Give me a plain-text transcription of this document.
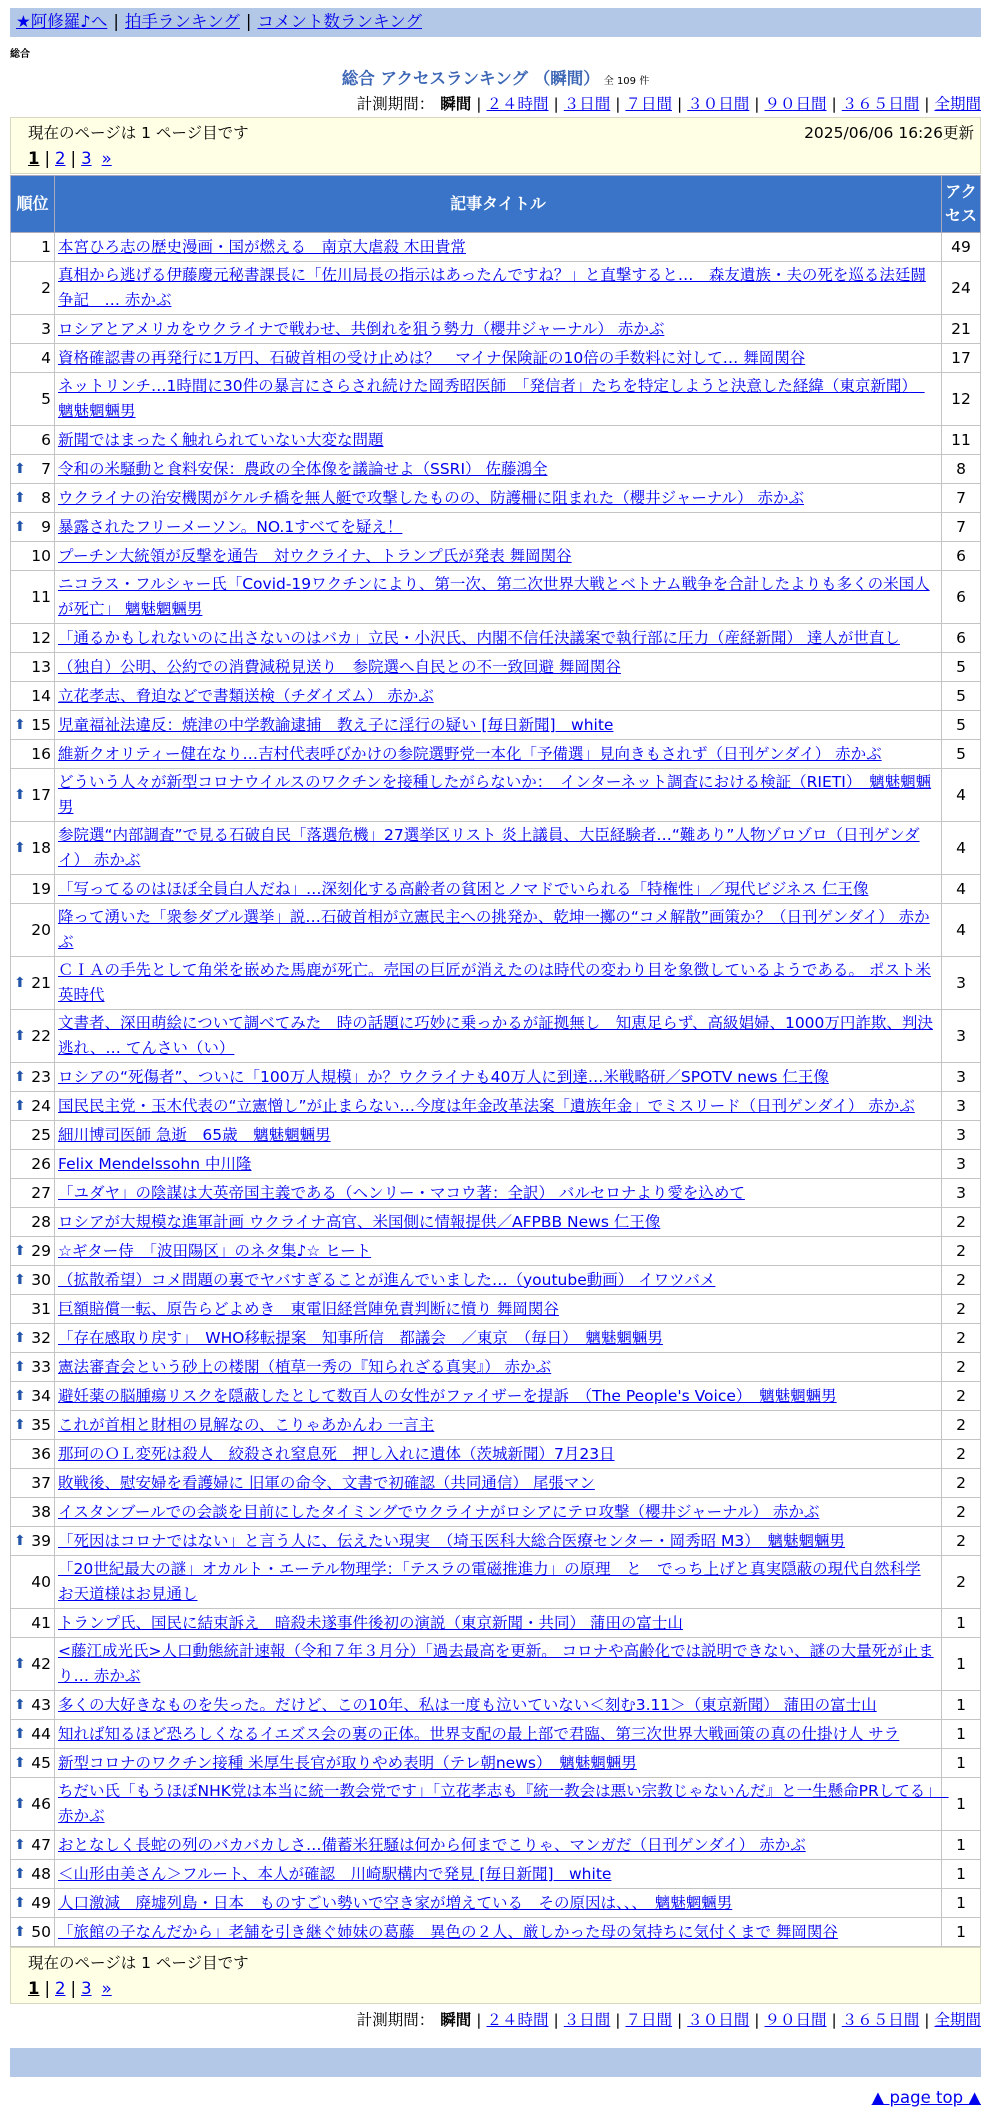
★阿修羅♪へ | 拍手ランキング | コメント数ランキング
総合
総合 アクセスランキング （瞬間） 全 109 件
計測期間： 瞬間 | ２４時間 | ３日間 | ７日間 | ３０日間 | ９０日間 | ３６５日間 | 全期間
現在のページは 1 ページ目です	2025/06/06 16:26更新
1 | 2 | 3 »
順位	記事タイトル	アクセス
1	本宮ひろ志の歴史漫画・国が燃える　南京大虐殺 木田貴常	49
2	真相から逃げる伊藤慶元秘書課長に「佐川局長の指示はあったんですね？」と直撃すると…　森友遺族・夫の死を巡る法廷闘争記　… 赤かぶ	24
3	ロシアとアメリカをウクライナで戦わせ、共倒れを狙う勢力（櫻井ジャーナル） 赤かぶ	21
4	資格確認書の再発行に1万円、石破首相の受け止めは？　マイナ保険証の10倍の手数料に対して… 舞岡関谷	17
5	ネットリンチ…1時間に30件の暴言にさらされ続けた岡秀昭医師　「発信者」たちを特定しようと決意した経緯（東京新聞）　魑魅魍魎男	12
6	新聞ではまったく触れられていない大変な問題	11

⬆ 7	令和の米騒動と食料安保：農政の全体像を議論せよ（SSRI） 佐藤鴻全	8

⬆ 8	ウクライナの治安機関がケルチ橋を無人艇で攻撃したものの、防護柵に阻まれた（櫻井ジャーナル） 赤かぶ	7

⬆ 9	暴露されたフリーメーソン。NO.1すべてを疑え！	7
10	プーチン大統領が反撃を通告　対ウクライナ、トランプ氏が発表 舞岡関谷	6
11	ニコラス・フルシャー氏「Covid-19ワクチンにより、第一次、第二次世界大戦とベトナム戦争を合計したよりも多くの米国人が死亡」 魑魅魍魎男	6
12	「通るかもしれないのに出さないのはバカ」立民・小沢氏、内閣不信任決議案で執行部に圧力（産経新聞） 達人が世直し	6
13	（独自）公明、公約での消費減税見送り　参院選へ自民との不一致回避 舞岡関谷	5
14	立花孝志、脅迫などで書類送検（チダイズム） 赤かぶ	5

⬆ 15	児童福祉法違反：焼津の中学教諭逮捕　教え子に淫行の疑い [毎日新聞]　white	5
16	維新クオリティー健在なり…吉村代表呼びかけの参院選野党一本化「予備選」見向きもされず（日刊ゲンダイ） 赤かぶ	5

⬆ 17	どういう人々が新型コロナウイルスのワクチンを接種したがらないか：　インターネット調査における検証（RIETI）　魑魅魍魎男	4

⬆ 18	参院選“内部調査”で見る石破自民「落選危機」27選挙区リスト 炎上議員、大臣経験者…“難あり”人物ゾロゾロ（日刊ゲンダイ） 赤かぶ	4
19	「写ってるのはほぼ全員白人だね」…深刻化する高齢者の貧困とノマドでいられる「特権性」／現代ビジネス 仁王像	4
20	降って湧いた「衆参ダブル選挙」説…石破首相が立憲民主への挑発か、乾坤一擲の“コメ解散”画策か？（日刊ゲンダイ） 赤かぶ	4

⬆ 21	ＣＩＡの手先として角栄を嵌めた馬鹿が死亡。売国の巨匠が消えたのは時代の変わり目を象徴しているようである。 ポスト米英時代	3

⬆ 22	文書者、深田萌絵について調べてみた　時の話題に巧妙に乗っかるが証拠無し　知恵足らず、高級娼婦、1000万円詐欺、判決逃れ、… てんさい（い）	3

⬆ 23	ロシアの“死傷者”、ついに「100万人規模」か？ウクライナも40万人に到達…米戦略研／SPOTV news 仁王像	3

⬆ 24	国民民主党・玉木代表の“立憲憎し”が止まらない…今度は年金改革法案「遺族年金」でミスリード（日刊ゲンダイ） 赤かぶ	3
25	細川博司医師 急逝　65歳　魑魅魍魎男	3
26	Felix Mendelssohn 中川隆	3
27	「ユダヤ」の陰謀は大英帝国主義である（ヘンリー・マコウ著：全訳） バルセロナより愛を込めて	3
28	ロシアが大規模な進軍計画 ウクライナ高官、米国側に情報提供／AFPBB News 仁王像	2

⬆ 29	☆ギター侍　「波田陽区」のネタ集♪☆ ヒート	2

⬆ 30	（拡散希望）コメ問題の裏でヤバすぎることが進んでいました…（youtube動画） イワツバメ	2
31	巨額賠償一転、原告らどよめき　東電旧経営陣免責判断に憤り 舞岡関谷	2

⬆ 32	「存在感取り戻す」　WHO移転提案　知事所信　都議会　／東京　（毎日）　魑魅魍魎男	2

⬆ 33	憲法審査会という砂上の楼閣（植草一秀の『知られざる真実』） 赤かぶ	2

⬆ 34	避妊薬の脳腫瘍リスクを隠蔽したとして数百人の女性がファイザーを提訴　（The People's Voice）　魑魅魍魎男	2

⬆ 35	これが首相と財相の見解なの、こりゃあかんわ 一言主	2
36	那珂のＯＬ変死は殺人　絞殺され窒息死　押し入れに遺体（茨城新聞）7月23日	2
37	敗戦後、慰安婦を看護婦に 旧軍の命令、文書で初確認（共同通信） 尾張マン	2
38	イスタンブールでの会談を目前にしたタイミングでウクライナがロシアにテロ攻撃（櫻井ジャーナル） 赤かぶ	2

⬆ 39	「死因はコロナではない」と言う人に、伝えたい現実　（埼玉医科大総合医療センター・岡秀昭 M3）　魑魅魍魎男	2
40	「20世紀最大の謎」オカルト・エーテル物理学：「テスラの電磁推進力」の原理　と　でっち上げと真実隠蔽の現代自然科学 お天道様はお見通し	2
41	トランプ氏、国民に結束訴え　暗殺未遂事件後初の演説（東京新聞・共同） 蒲田の富士山	1

⬆ 42	<藤江成光氏>人口動態統計速報（令和７年３月分）「過去最高を更新。 コロナや高齢化では説明できない、謎の大量死が止まり… 赤かぶ	1

⬆ 43	多くの大好きなものを失った。だけど、この10年、私は一度も泣いていない＜刻む3.11＞（東京新聞） 蒲田の富士山	1

⬆ 44	知れば知るほど恐ろしくなるイエズス会の裏の正体。世界支配の最上部で君臨、第三次世界大戦画策の真の仕掛け人 サラ	1

⬆ 45	新型コロナのワクチン接種 米厚生長官が取りやめ表明（テレ朝news）　魑魅魍魎男	1

⬆ 46	ちだい氏「もうほぼNHK党は本当に統一教会党です」「立花孝志も『統一教会は悪い宗教じゃないんだ』と一生懸命PRしてる」　赤かぶ	1

⬆ 47	おとなしく長蛇の列のバカバカしさ…備蓄米狂騒は何から何までこりゃ、マンガだ（日刊ゲンダイ） 赤かぶ	1

⬆ 48	＜山形由美さん＞フルート、本人が確認　川崎駅構内で発見 [毎日新聞]　white	1

⬆ 49	人口激減　廃墟列島・日本　ものすごい勢いで空き家が増えている　その原因は、、、　魑魅魍魎男	1

⬆ 50	「旅館の子なんだから」老舗を引き継ぐ姉妹の葛藤　異色の２人、厳しかった母の気持ちに気付くまで 舞岡関谷	1
現在のページは 1 ページ目です
1 | 2 | 3 »
計測期間： 瞬間 | ２４時間 | ３日間 | ７日間 | ３０日間 | ９０日間 | ３６５日間 | 全期間
▲ page top ▲
